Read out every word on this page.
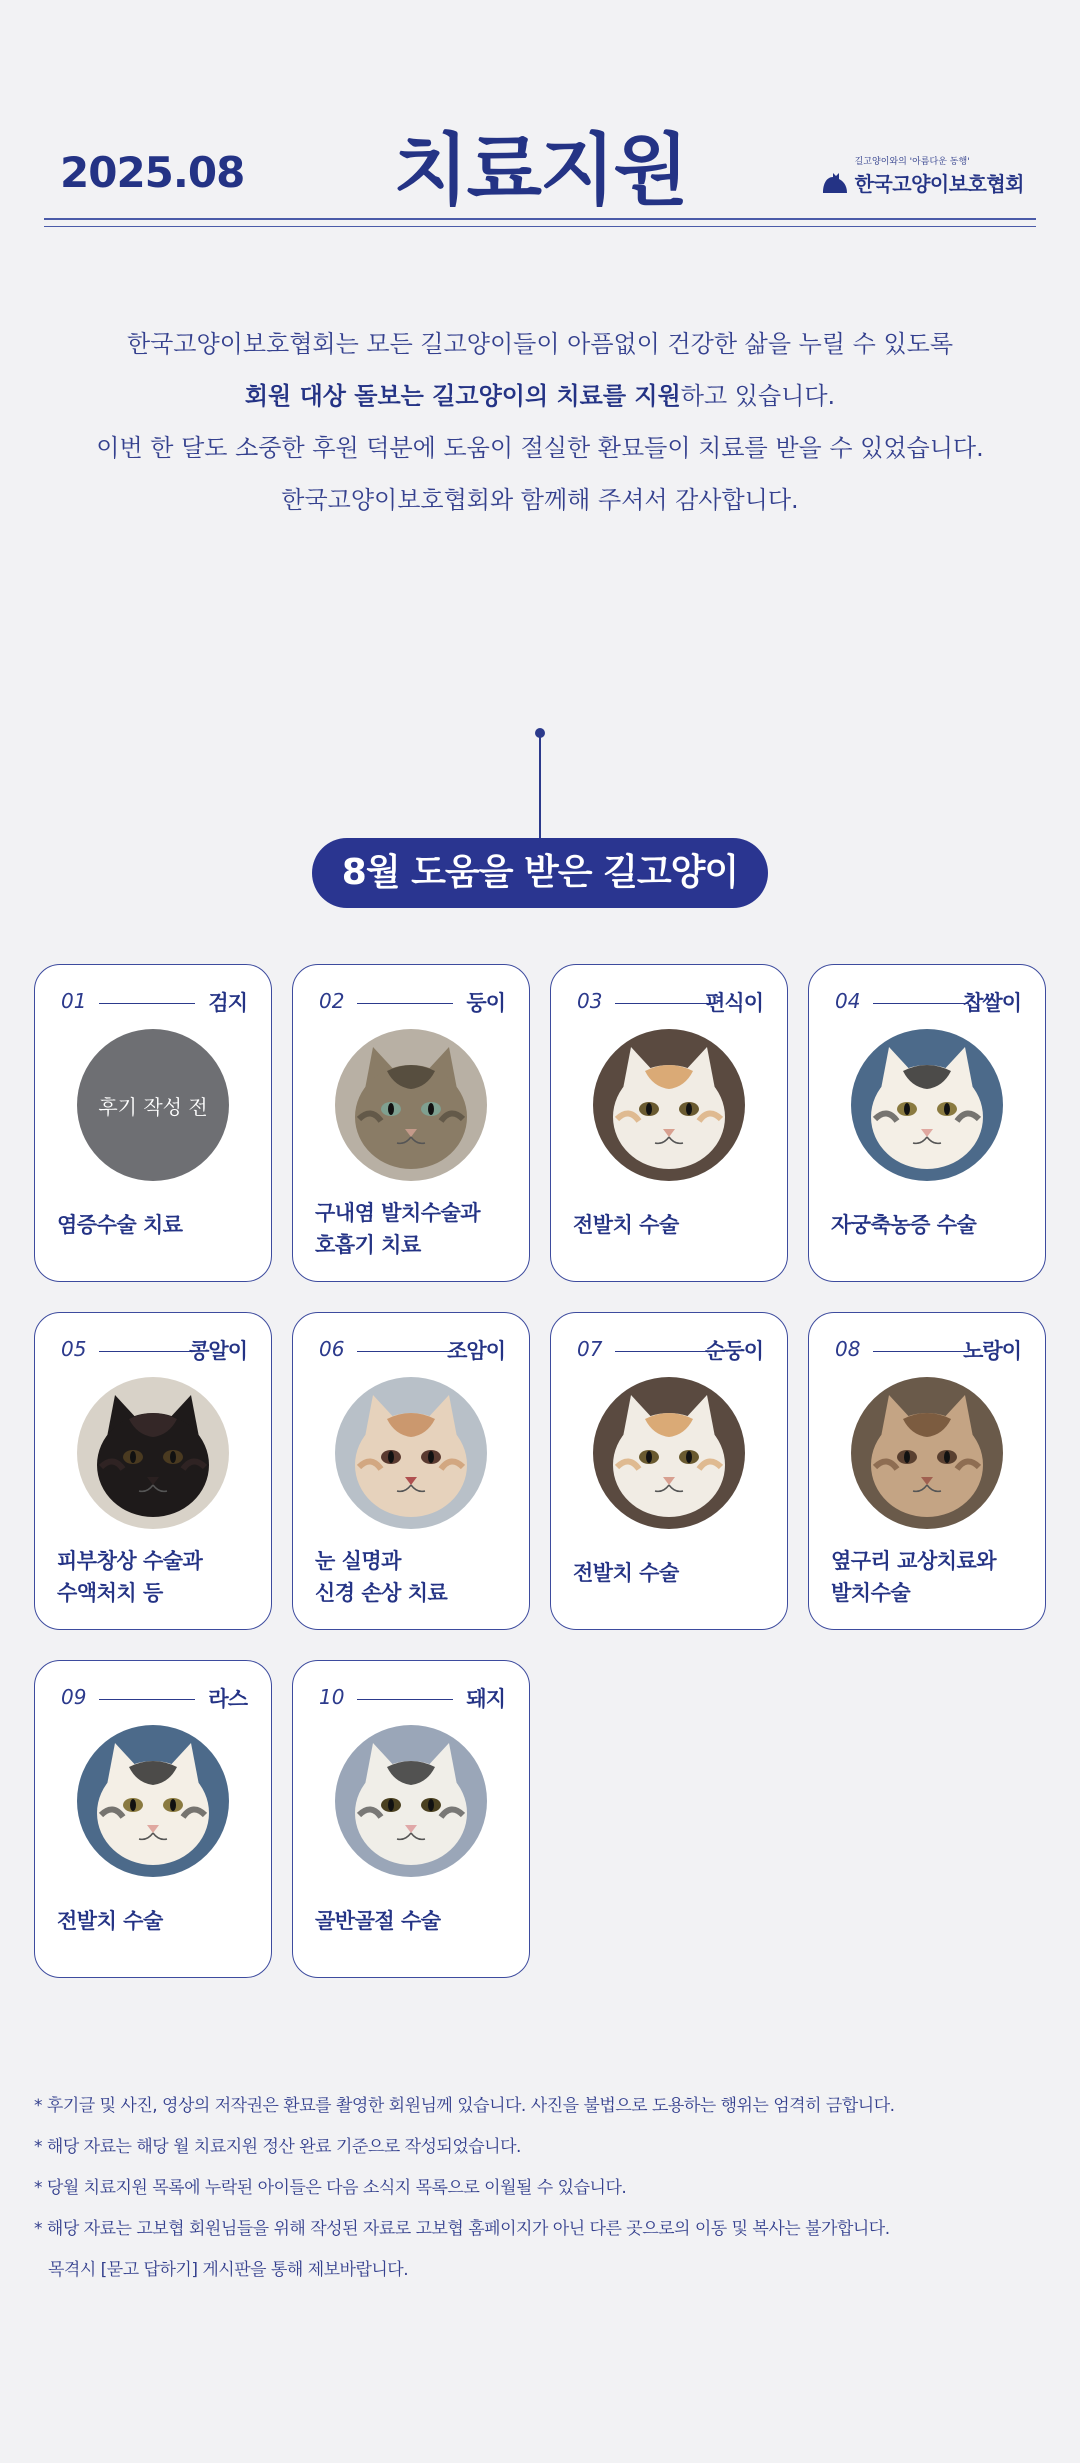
2025.08	치료지원	길고양이와의 '아름다운 동행'
한국고양이보호협회

한국고양이보호협회는 모든 길고양이들이 아픔없이 건강한 삶을 누릴 수 있도록

회원 대상 돌보는 길고양이의 치료를 지원하고 있습니다.

이번 한 달도 소중한 후원 덕분에 도움이 절실한 환묘들이 치료를 받을 수 있었습니다.

한국고양이보호협회와 함께해 주셔서 감사합니다.

8월 도움을 받은 길고양이
01	검지
후기 작성 전
염증수술 치료
02	둥이
구내염 발치수술과
호흡기 치료
03	편식이
전발치 수술
04	찹쌀이
자궁축농증 수술
05	콩알이
피부창상 수술과
수액처치 등
06	조암이
눈 실명과
신경 손상 치료
07	순둥이
전발치 수술
08	노랑이
옆구리 교상치료와
발치수술
09	라스
전발치 수술
10	돼지
골반골절 수술

* 후기글 및 사진, 영상의 저작권은 환묘를 촬영한 회원님께 있습니다. 사진을 불법으로 도용하는 행위는 엄격히 금합니다.

* 해당 자료는 해당 월 치료지원 정산 완료 기준으로 작성되었습니다.

* 당월 치료지원 목록에 누락된 아이들은 다음 소식지 목록으로 이월될 수 있습니다.

* 해당 자료는 고보협 회원님들을 위해 작성된 자료로 고보협 홈페이지가 아닌 다른 곳으로의 이동 및 복사는 불가합니다.

목격시 [묻고 답하기] 게시판을 통해 제보바랍니다.
